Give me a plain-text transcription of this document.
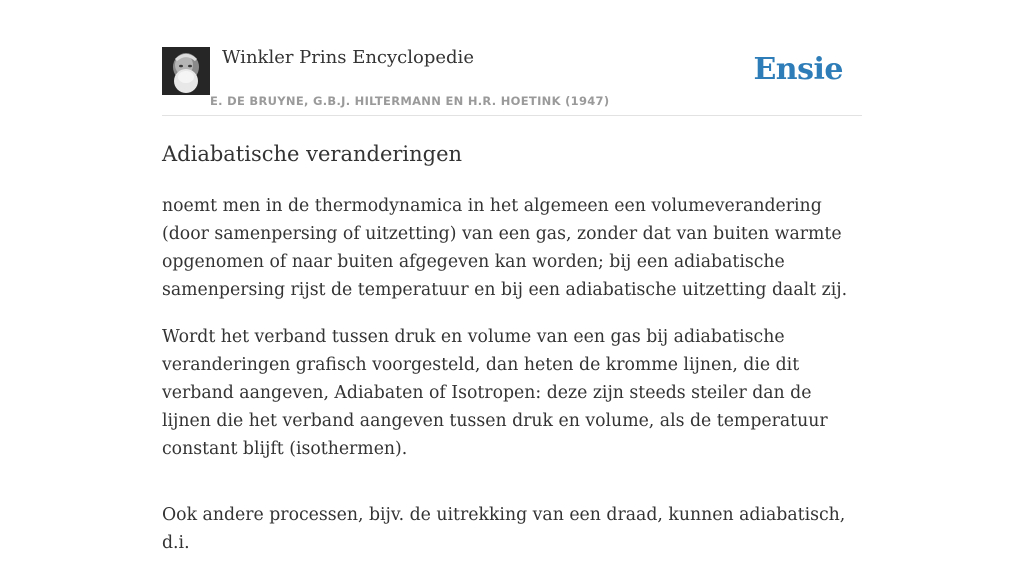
Winkler Prins Encyclopedie
E. DE BRUYNE, G.B.J. HILTERMANN EN H.R. HOETINK (1947)
Ensie
Adiabatische veranderingen

noemt men in de thermodynamica in het algemeen een volumeverandering (door samenpersing of uitzetting) van een gas, zonder dat van buiten warmte opgenomen of naar buiten afgegeven kan worden; bij een adiabatische samenpersing rijst de temperatuur en bij een adiabatische uitzetting daalt zij.

Wordt het verband tussen druk en volume van een gas bij adiabatische veranderingen grafisch voorgesteld, dan heten de kromme lijnen, die dit verband aangeven, Adiabaten of Isotropen: deze zijn steeds steiler dan de lijnen die het verband aangeven tussen druk en volume, als de temperatuur constant blijft (isothermen).

Ook andere processen, bijv. de uitrekking van een draad, kunnen adiabatisch, d.i.
